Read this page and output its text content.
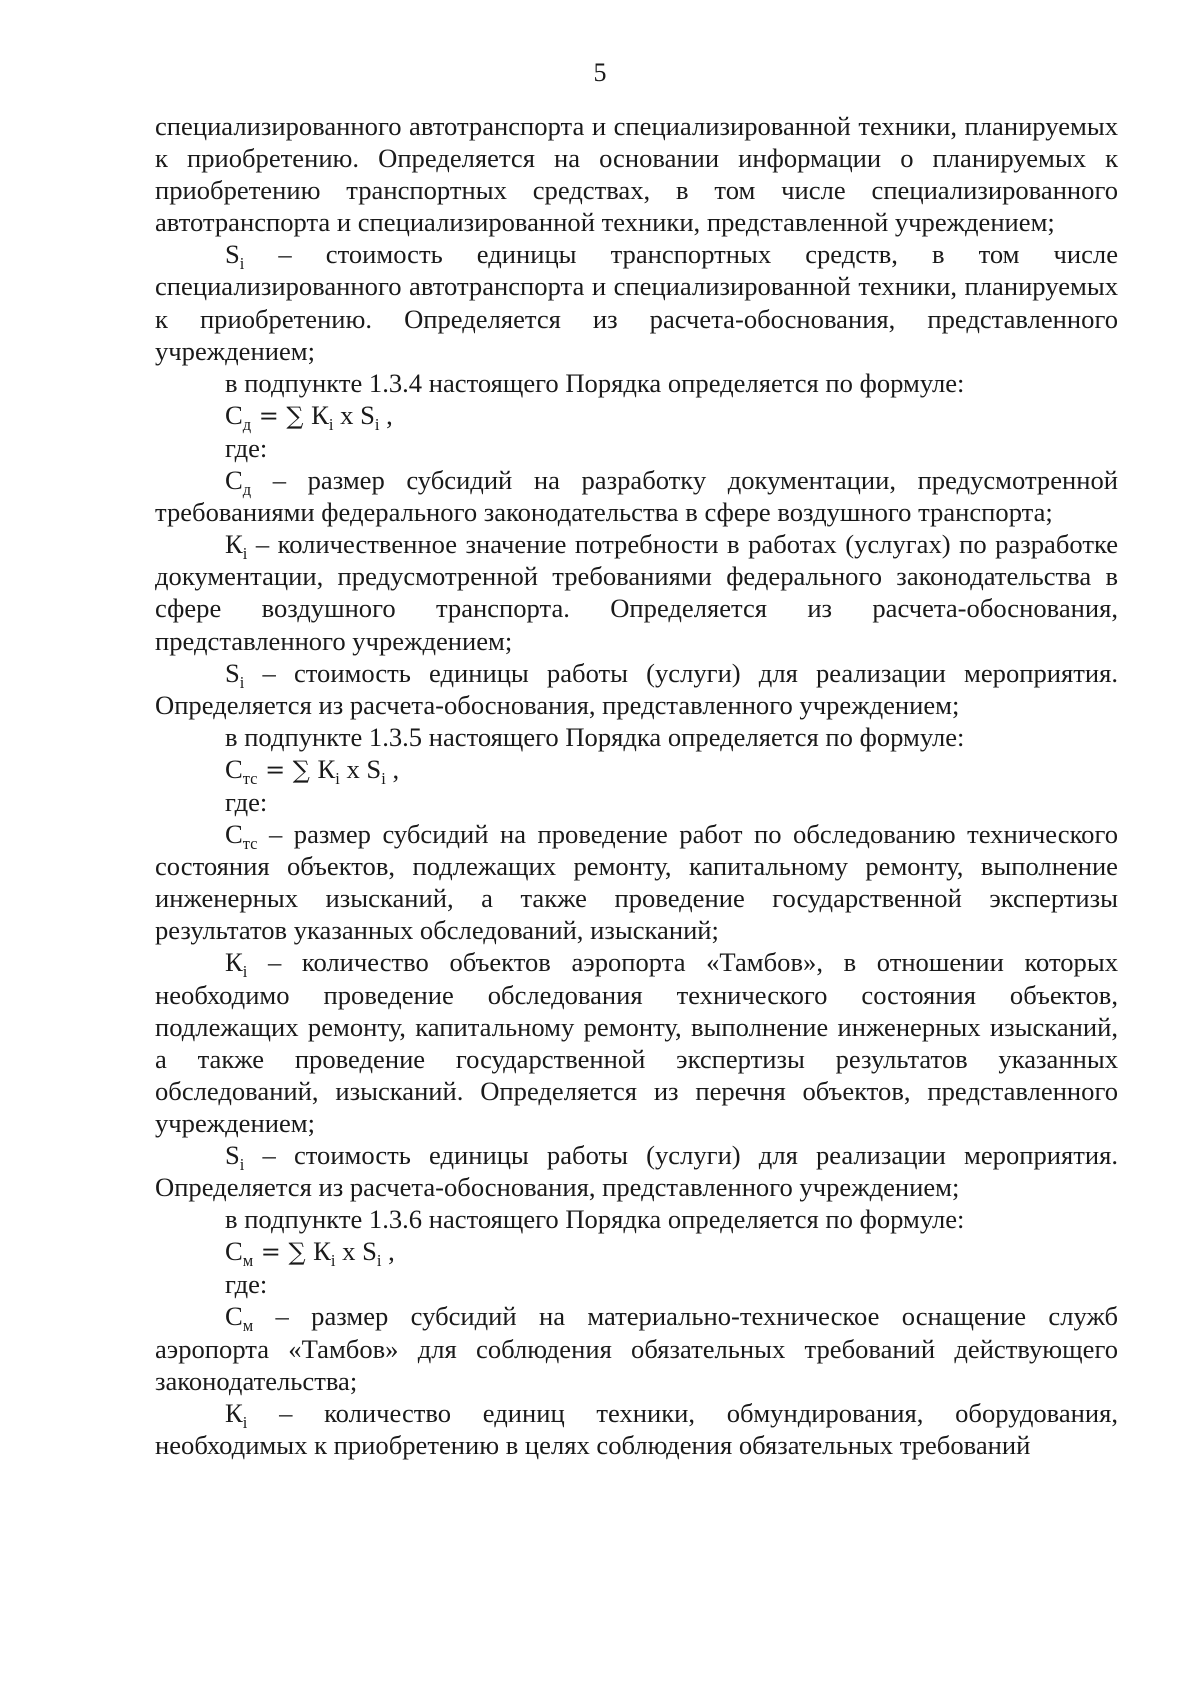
5

специализированного автотранспорта и специализированной техники, планируемых к приобретению. Определяется на основании информации о планируемых к приобретению транспортных средствах, в том числе специализированного автотранспорта и специализированной техники, представленной учреждением;

$S_i$ – стоимость единицы транспортных средств, в том числе специализированного автотранспорта и специализированной техники, планируемых к приобретению. Определяется из расчета-обоснования, представленного учреждением;

в подпункте 1.3.4 настоящего Порядка определяется по формуле:

$С_д$ = ∑ $К_i$ x $S_i$ ,

где:

$С_д$ – размер субсидий на разработку документации, предусмотренной требованиями федерального законодательства в сфере воздушного транспорта;

$К_i$ – количественное значение потребности в работах (услугах) по разработке документации, предусмотренной требованиями федерального законодательства в сфере воздушного транспорта. Определяется из расчета-обоснования, представленного учреждением;

$S_i$ – стоимость единицы работы (услуги) для реализации мероприятия. Определяется из расчета-обоснования, представленного учреждением;

в подпункте 1.3.5 настоящего Порядка определяется по формуле:

$С_{тс}$ = ∑ $К_i$ x $S_i$ ,

где:

$С_{тс}$ – размер субсидий на проведение работ по обследованию технического состояния объектов, подлежащих ремонту, капитальному ремонту, выполнение инженерных изысканий, а также проведение государственной экспертизы результатов указанных обследований, изысканий;

$К_i$ – количество объектов аэропорта «Тамбов», в отношении которых необходимо проведение обследования технического состояния объектов, подлежащих ремонту, капитальному ремонту, выполнение инженерных изысканий, а также проведение государственной экспертизы результатов указанных обследований, изысканий. Определяется из перечня объектов, представленного учреждением;

$S_i$ – стоимость единицы работы (услуги) для реализации мероприятия. Определяется из расчета-обоснования, представленного учреждением;

в подпункте 1.3.6 настоящего Порядка определяется по формуле:

$С_м$ = ∑ $К_i$ x $S_i$ ,

где:

$С_м$ – размер субсидий на материально-техническое оснащение служб аэропорта «Тамбов» для соблюдения обязательных требований действующего законодательства;

$К_i$ – количество единиц техники, обмундирования, оборудования, необходимых к приобретению в целях соблюдения обязательных требований
